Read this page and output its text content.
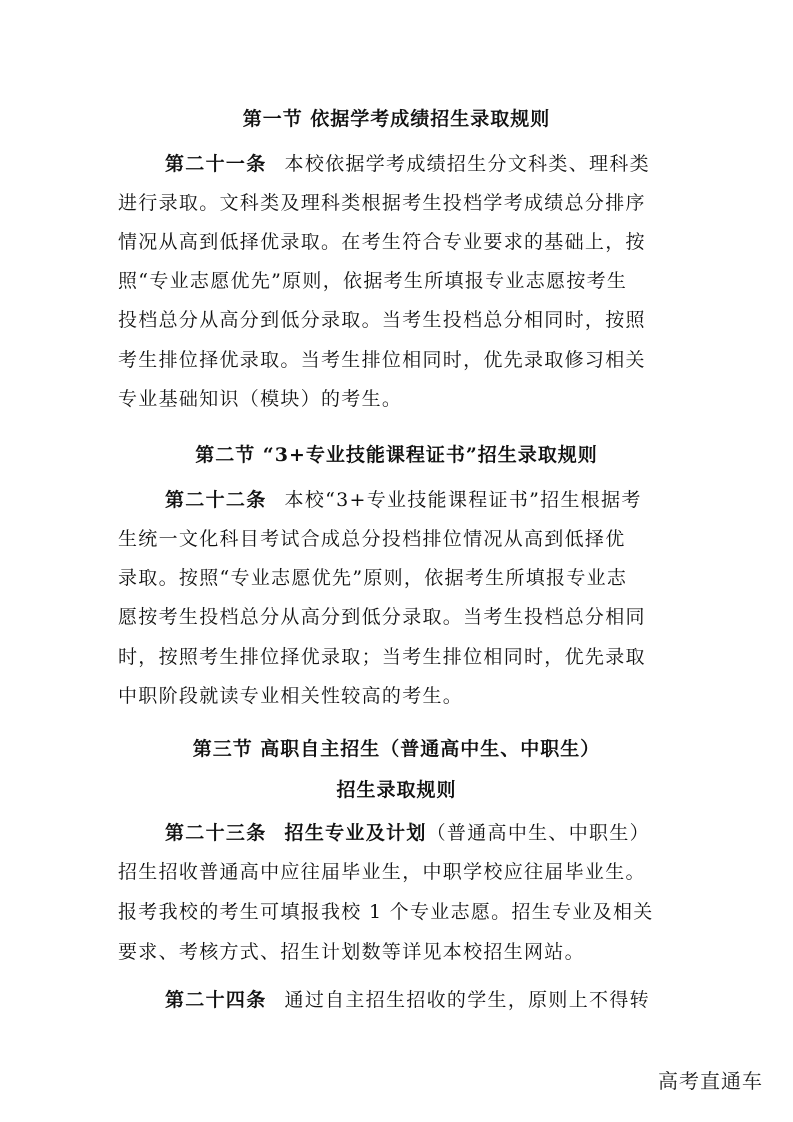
第一节 依据学考成绩招生录取规则
第二十一条 本校依据学考成绩招生分文科类、理科类
进行录取。文科类及理科类根据考生投档学考成绩总分排序
情况从高到低择优录取。在考生符合专业要求的基础上，按
照“专业志愿优先”原则，依据考生所填报专业志愿按考生
投档总分从高分到低分录取。当考生投档总分相同时，按照
考生排位择优录取。当考生排位相同时，优先录取修习相关
专业基础知识（模块）的考生。
第二节 “3+专业技能课程证书”招生录取规则
第二十二条 本校“3+专业技能课程证书”招生根据考
生统一文化科目考试合成总分投档排位情况从高到低择优
录取。按照“专业志愿优先”原则，依据考生所填报专业志
愿按考生投档总分从高分到低分录取。当考生投档总分相同
时，按照考生排位择优录取；当考生排位相同时，优先录取
中职阶段就读专业相关性较高的考生。
第三节 高职自主招生（普通高中生、中职生）
招生录取规则
第二十三条 招生专业及计划（普通高中生、中职生）
招生招收普通高中应往届毕业生，中职学校应往届毕业生。
报考我校的考生可填报我校 1 个专业志愿。招生专业及相关
要求、考核方式、招生计划数等详见本校招生网站。
第二十四条 通过自主招生招收的学生，原则上不得转
高考直通车
